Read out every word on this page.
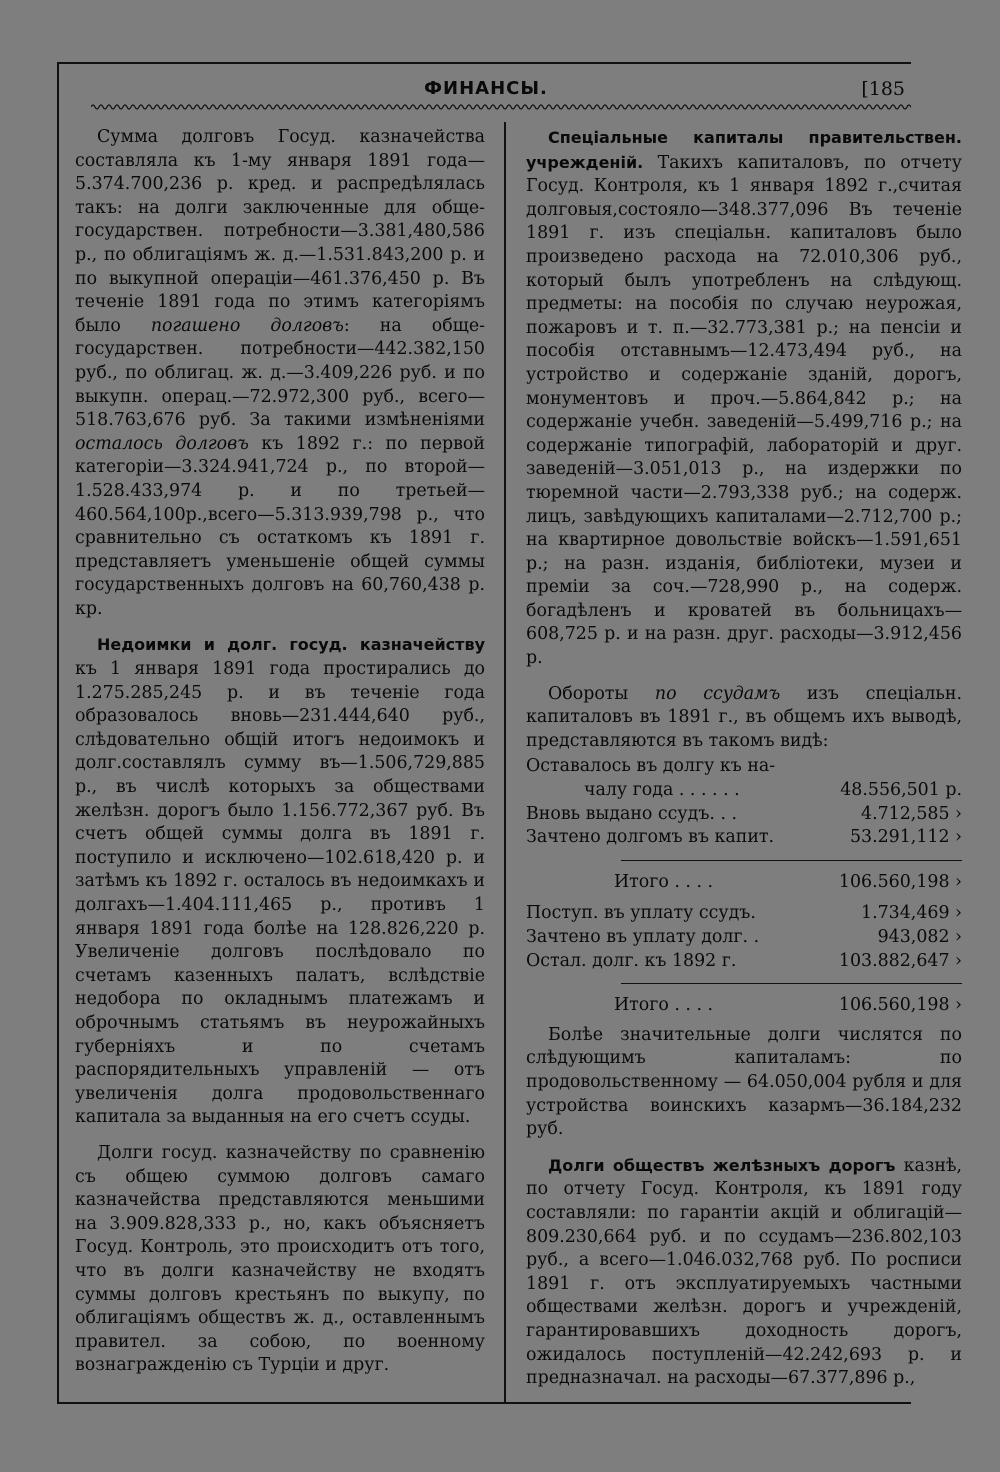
ФИНАНСЫ.	[185

Сумма долговъ Госуд. казначейства составляла къ 1-му января 1891 года—5.374.700,236 р. кред. и распредѣлялась такъ: на долги заключенные для обще-государствен. потребности—3.381,480,586 р., по облигаціямъ ж. д.—1.531.843,200 р. и по выкупной операціи—461.376,450 р. Въ теченіе 1891 года по этимъ категоріямъ было погашено долговъ: на обще-государствен. потребности—442.382,150 руб., по облигац. ж. д.—3.409,226 руб. и по выкупн. операц.—72.972,300 руб., всего—518.763,676 руб. За такими измѣненіями осталось долговъ къ 1892 г.: по первой категоріи—3.324.941,724 р., по второй—1.528.433,974 р. и по третьей—460.564,100р.,всего—5.313.939,798 р., что сравнительно съ остаткомъ къ 1891 г. представляетъ уменьшеніе общей суммы государственныхъ долговъ на 60,760,438 р. кр.

Недоимки и долг. госуд. казначейству къ 1 января 1891 года простирались до 1.275.285,245 р. и въ теченіе года образовалось вновь—231.444,640 руб., слѣдовательно общій итогъ недоимокъ и долг.составлялъ сумму въ—1.506,729,885 р., въ числѣ которыхъ за обществами желѣзн. дорогъ было 1.156.772,367 руб. Въ счетъ общей суммы долга въ 1891 г. поступило и исключено—102.618,420 р. и затѣмъ къ 1892 г. осталось въ недоимкахъ и долгахъ—1.404.111,465 р., противъ 1 января 1891 года болѣе на 128.826,220 р. Увеличеніе долговъ послѣдовало по счетамъ казенныхъ палатъ, вслѣдствіе недобора по окладнымъ платежамъ и оброчнымъ статьямъ въ неурожайныхъ губерніяхъ и по счетамъ распорядительныхъ управленій — отъ увеличенія долга продовольственнаго капитала за выданныя на его счетъ ссуды.

Долги госуд. казначейству по сравненію съ общею суммою долговъ самаго казначейства представляются меньшими на 3.909.828,333 р., но, какъ объясняетъ Госуд. Контроль, это происходитъ отъ того, что въ долги казначейству не входятъ суммы долговъ крестьянъ по выкупу, по облигаціямъ обществъ ж. д., оставленнымъ правител. за собою, по военному вознагражденію съ Турціи и друг.

Спеціальные капиталы правительствен. учрежденій. Такихъ капиталовъ, по отчету Госуд. Контроля, къ 1 января 1892 г.,считая долговыя,состояло—348.377,096 Въ теченіе 1891 г. изъ спеціальн. капиталовъ было произведено расхода на 72.010,306 руб., который былъ употребленъ на слѣдующ. предметы: на пособія по случаю неурожая, пожаровъ и т. п.—32.773,381 р.; на пенсіи и пособія отставнымъ—12.473,494 руб., на устройство и содержаніе зданій, дорогъ, монументовъ и проч.—5.864,842 р.; на содержаніе учебн. заведеній—5.499,716 р.; на содержаніе типографій, лабораторій и друг. заведеній—3.051,013 р., на издержки по тюремной части—2.793,338 руб.; на содерж. лицъ, завѣдующихъ капиталами—2.712,700 р.; на квартирное довольствіе войскъ—1.591,651 р.; на разн. изданія, библіотеки, музеи и преміи за соч.—728,990 р., на содерж. богадѣленъ и кроватей въ больницахъ—608,725 р. и на разн. друг. расходы—3.912,456 р.

Обороты по ссудамъ изъ спеціальн. капиталовъ въ 1891 г., въ общемъ ихъ выводѣ, представляются въ такомъ видѣ:

Оставалось въ долгу къ на-
чалу года . . . . . .	48.556,501 р.
Вновь выдано ссудъ. . .	4.712,585 ›
Зачтено долгомъ въ капит.	53.291,112 ›
Итого . . . .	106.560,198 ›
Поступ. въ уплату ссудъ.	1.734,469 ›
Зачтено въ уплату долг. .	943,082 ›
Остал. долг. къ 1892 г.	103.882,647 ›
Итого . . . .	106.560,198 ›

Болѣе значительные долги числятся по слѣдующимъ капиталамъ: по продовольственному — 64.050,004 рубля и для устройства воинскихъ казармъ—36.184,232 руб.

Долги обществъ желѣзныхъ дорогъ казнѣ, по отчету Госуд. Контроля, къ 1891 году составляли: по гарантіи акцій и облигацій—809.230,664 руб. и по ссудамъ—236.802,103 руб., а всего—1.046.032,768 руб. По росписи 1891 г. отъ эксплуатируемыхъ частными обществами желѣзн. дорогъ и учрежденій, гарантировавшихъ доходность дорогъ, ожидалось поступленій—42.242,693 р. и предназначал. на расходы—67.377,896 р.,
